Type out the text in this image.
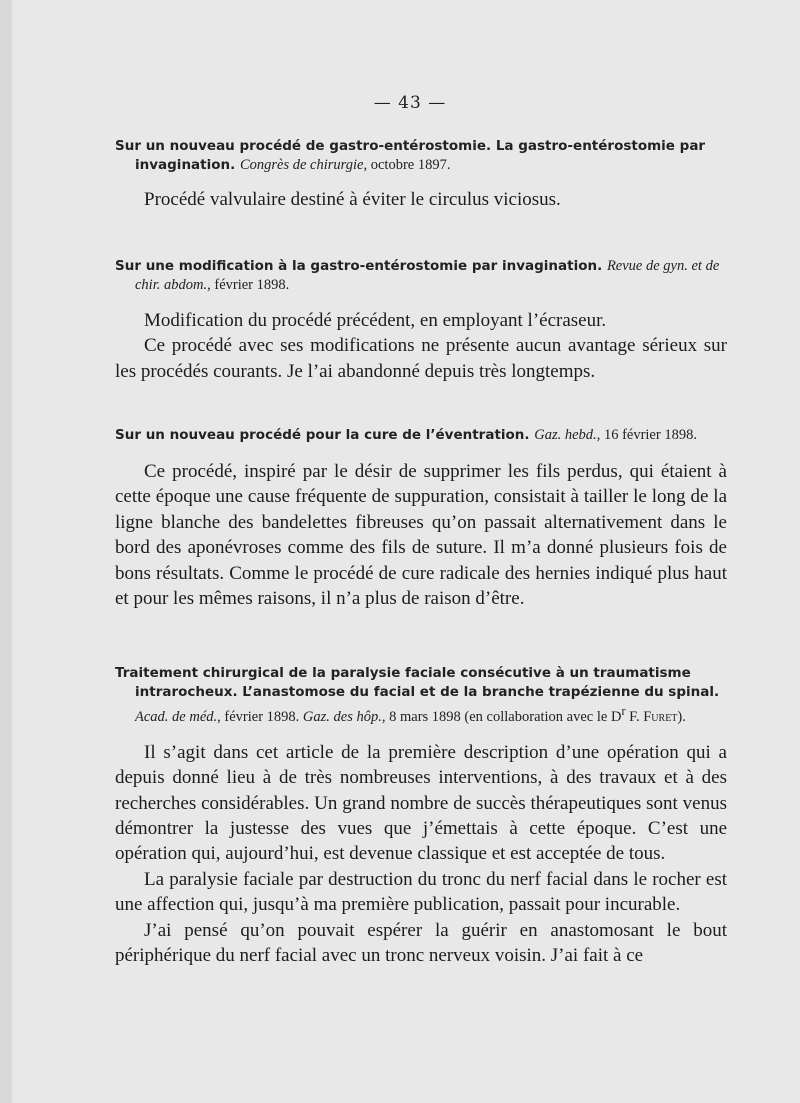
— 43 —
Sur un nouveau procédé de gastro-entérostomie. La gastro-entérostomie par invagination. Congrès de chirurgie, octobre 1897.

Procédé valvulaire destiné à éviter le circulus viciosus.

Sur une modification à la gastro-entérostomie par invagination. Revue de gyn. et de chir. abdom., février 1898.

Modification du procédé précédent, en employant l’écraseur.

Ce procédé avec ses modifications ne présente aucun avantage sérieux sur les procédés courants. Je l’ai abandonné depuis très longtemps.

Sur un nouveau procédé pour la cure de l’éventration. Gaz. hebd., 16 février 1898.

Ce procédé, inspiré par le désir de supprimer les fils perdus, qui étaient à cette époque une cause fréquente de suppuration, consistait à tailler le long de la ligne blanche des bandelettes fibreuses qu’on passait alternativement dans le bord des aponévroses comme des fils de suture. Il m’a donné plusieurs fois de bons résultats. Comme le procédé de cure radicale des hernies indiqué plus haut et pour les mêmes raisons, il n’a plus de raison d’être.

Traitement chirurgical de la paralysie faciale consécutive à un traumatisme intrarocheux. L’anastomose du facial et de la branche trapézienne du spinal. Acad. de méd., février 1898. Gaz. des hôp., 8 mars 1898 (en collaboration avec le $D^r$ F. Furet).

Il s’agit dans cet article de la première description d’une opération qui a depuis donné lieu à de très nombreuses interventions, à des travaux et à des recherches considérables. Un grand nombre de succès thérapeutiques sont venus démontrer la justesse des vues que j’émettais à cette époque. C’est une opération qui, aujourd’hui, est devenue classique et est acceptée de tous.

La paralysie faciale par destruction du tronc du nerf facial dans le rocher est une affection qui, jusqu’à ma première publication, passait pour incurable.

J’ai pensé qu’on pouvait espérer la guérir en anastomosant le bout périphérique du nerf facial avec un tronc nerveux voisin. J’ai fait à ce
